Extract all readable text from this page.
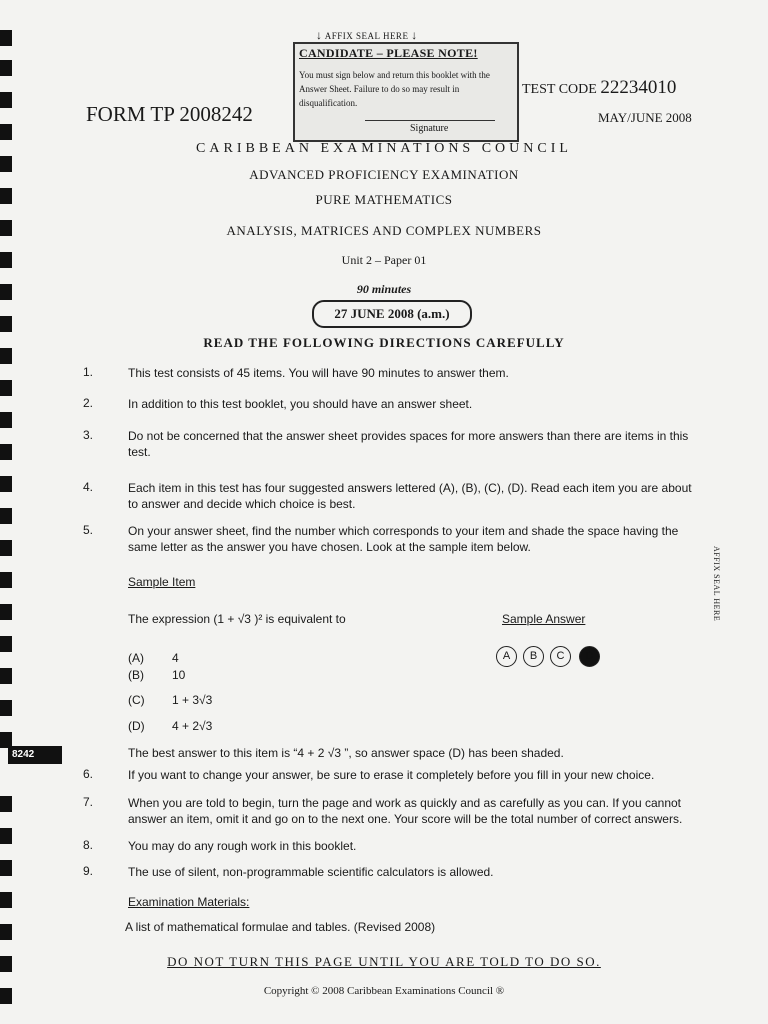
↓ AFFIX SEAL HERE ↓
CANDIDATE – PLEASE NOTE!
You must sign below and return this booklet with the Answer Sheet. Failure to do so may result in disqualification.
Signature
FORM TP 2008242
TEST CODE 22234010
MAY/JUNE 2008
CARIBBEAN EXAMINATIONS COUNCIL
ADVANCED PROFICIENCY EXAMINATION
PURE MATHEMATICS
ANALYSIS, MATRICES AND COMPLEX NUMBERS
Unit 2 – Paper 01
90 minutes
27 JUNE 2008 (a.m.)
READ THE FOLLOWING DIRECTIONS CAREFULLY
1.	This test consists of 45 items. You will have 90 minutes to answer them.
2.	In addition to this test booklet, you should have an answer sheet.
3.	Do not be concerned that the answer sheet provides spaces for more answers than there are items in this test.
4.	Each item in this test has four suggested answers lettered (A), (B), (C), (D). Read each item you are about to answer and decide which choice is best.
5.	On your answer sheet, find the number which corresponds to your item and shade the space having the same letter as the answer you have chosen. Look at the sample item below.
Sample Item
The expression (1 + √3 )² is equivalent to	Sample Answer
(A) 4
(B) 10
(C) 1 + 3√3
(D) 4 + 2√3
A	B	C	D
8242
AFFIX SEAL HERE
The best answer to this item is “4 + 2 √3 ”, so answer space (D) has been shaded.
6.	If you want to change your answer, be sure to erase it completely before you fill in your new choice.
7.	When you are told to begin, turn the page and work as quickly and as carefully as you can. If you cannot answer an item, omit it and go on to the next one. Your score will be the total number of correct answers.
8.	You may do any rough work in this booklet.
9.	The use of silent, non-programmable scientific calculators is allowed.
Examination Materials:
A list of mathematical formulae and tables. (Revised 2008)
DO NOT TURN THIS PAGE UNTIL YOU ARE TOLD TO DO SO.
Copyright © 2008 Caribbean Examinations Council ®
